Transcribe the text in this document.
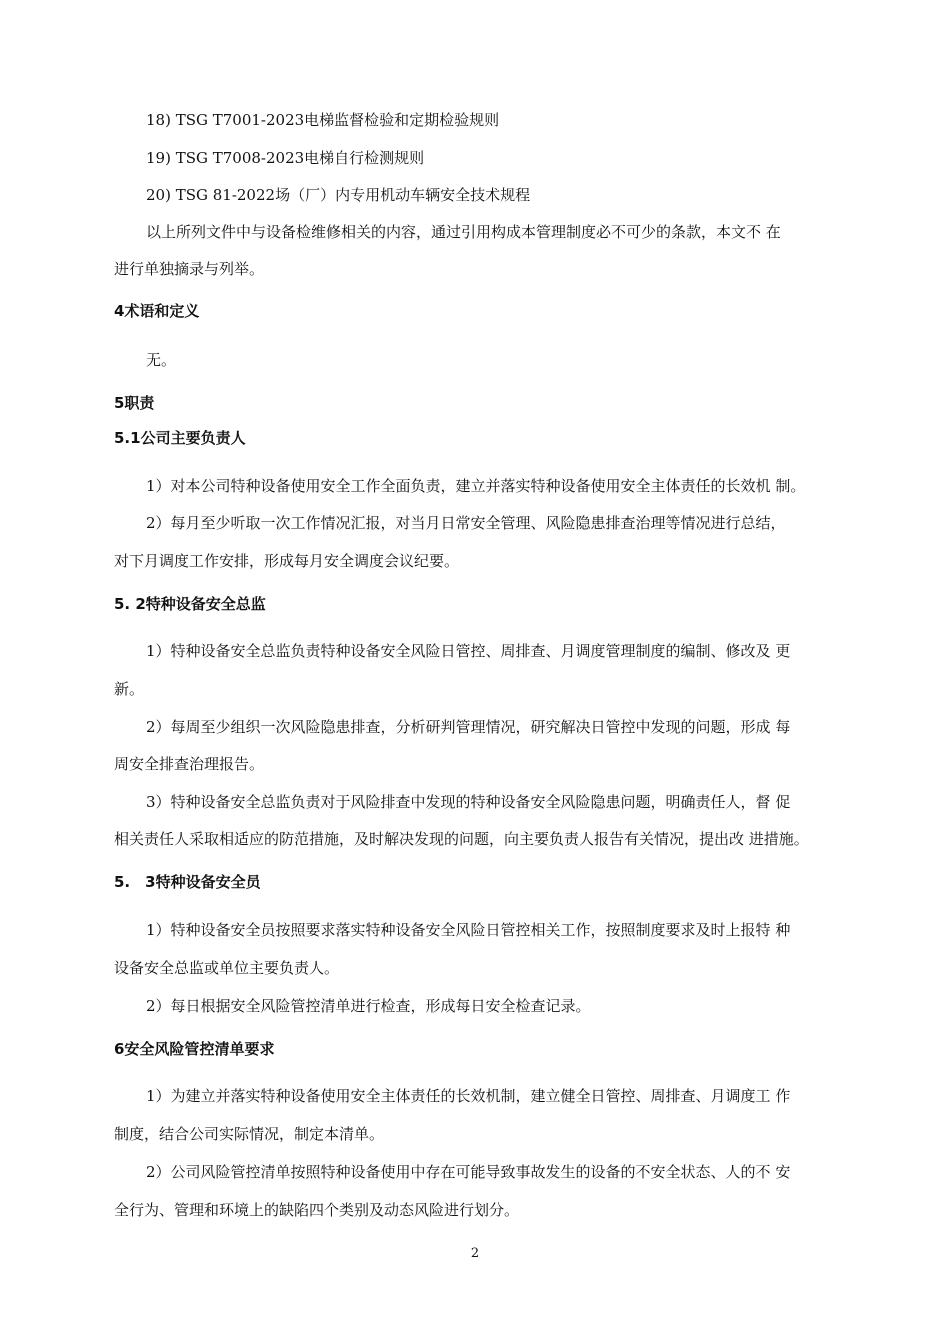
18) TSG T7001-2023电梯监督检验和定期检验规则
19) TSG T7008-2023电梯自行检测规则
20) TSG 81-2022场（厂）内专用机动车辆安全技术规程
以上所列文件中与设备检维修相关的内容，通过引用构成本管理制度必不可少的条款，本文不 在
进行单独摘录与列举。
4术语和定义
无。
5职责
5.1公司主要负责人
1）对本公司特种设备使用安全工作全面负责，建立并落实特种设备使用安全主体责任的长效机 制。
2）每月至少听取一次工作情况汇报，对当月日常安全管理、风险隐患排查治理等情况进行总结，
对下月调度工作安排，形成每月安全调度会议纪要。
5. 2特种设备安全总监
1）特种设备安全总监负责特种设备安全风险日管控、周排查、月调度管理制度的编制、修改及 更
新。
2）每周至少组织一次风险隐患排查，分析研判管理情况，研究解决日管控中发现的问题，形成 每
周安全排查治理报告。
3）特种设备安全总监负责对于风险排查中发现的特种设备安全风险隐患问题，明确责任人，督 促
相关责任人采取相适应的防范措施，及时解决发现的问题，向主要负责人报告有关情况，提出改 进措施。
5.　3特种设备安全员
1）特种设备安全员按照要求落实特种设备安全风险日管控相关工作，按照制度要求及时上报特 种
设备安全总监或单位主要负责人。
2）每日根据安全风险管控清单进行检查，形成每日安全检查记录。
6安全风险管控清单要求
1）为建立并落实特种设备使用安全主体责任的长效机制，建立健全日管控、周排查、月调度工 作
制度，结合公司实际情况，制定本清单。
2）公司风险管控清单按照特种设备使用中存在可能导致事故发生的设备的不安全状态、人的不 安
全行为、管理和环境上的缺陷四个类别及动态风险进行划分。
2
